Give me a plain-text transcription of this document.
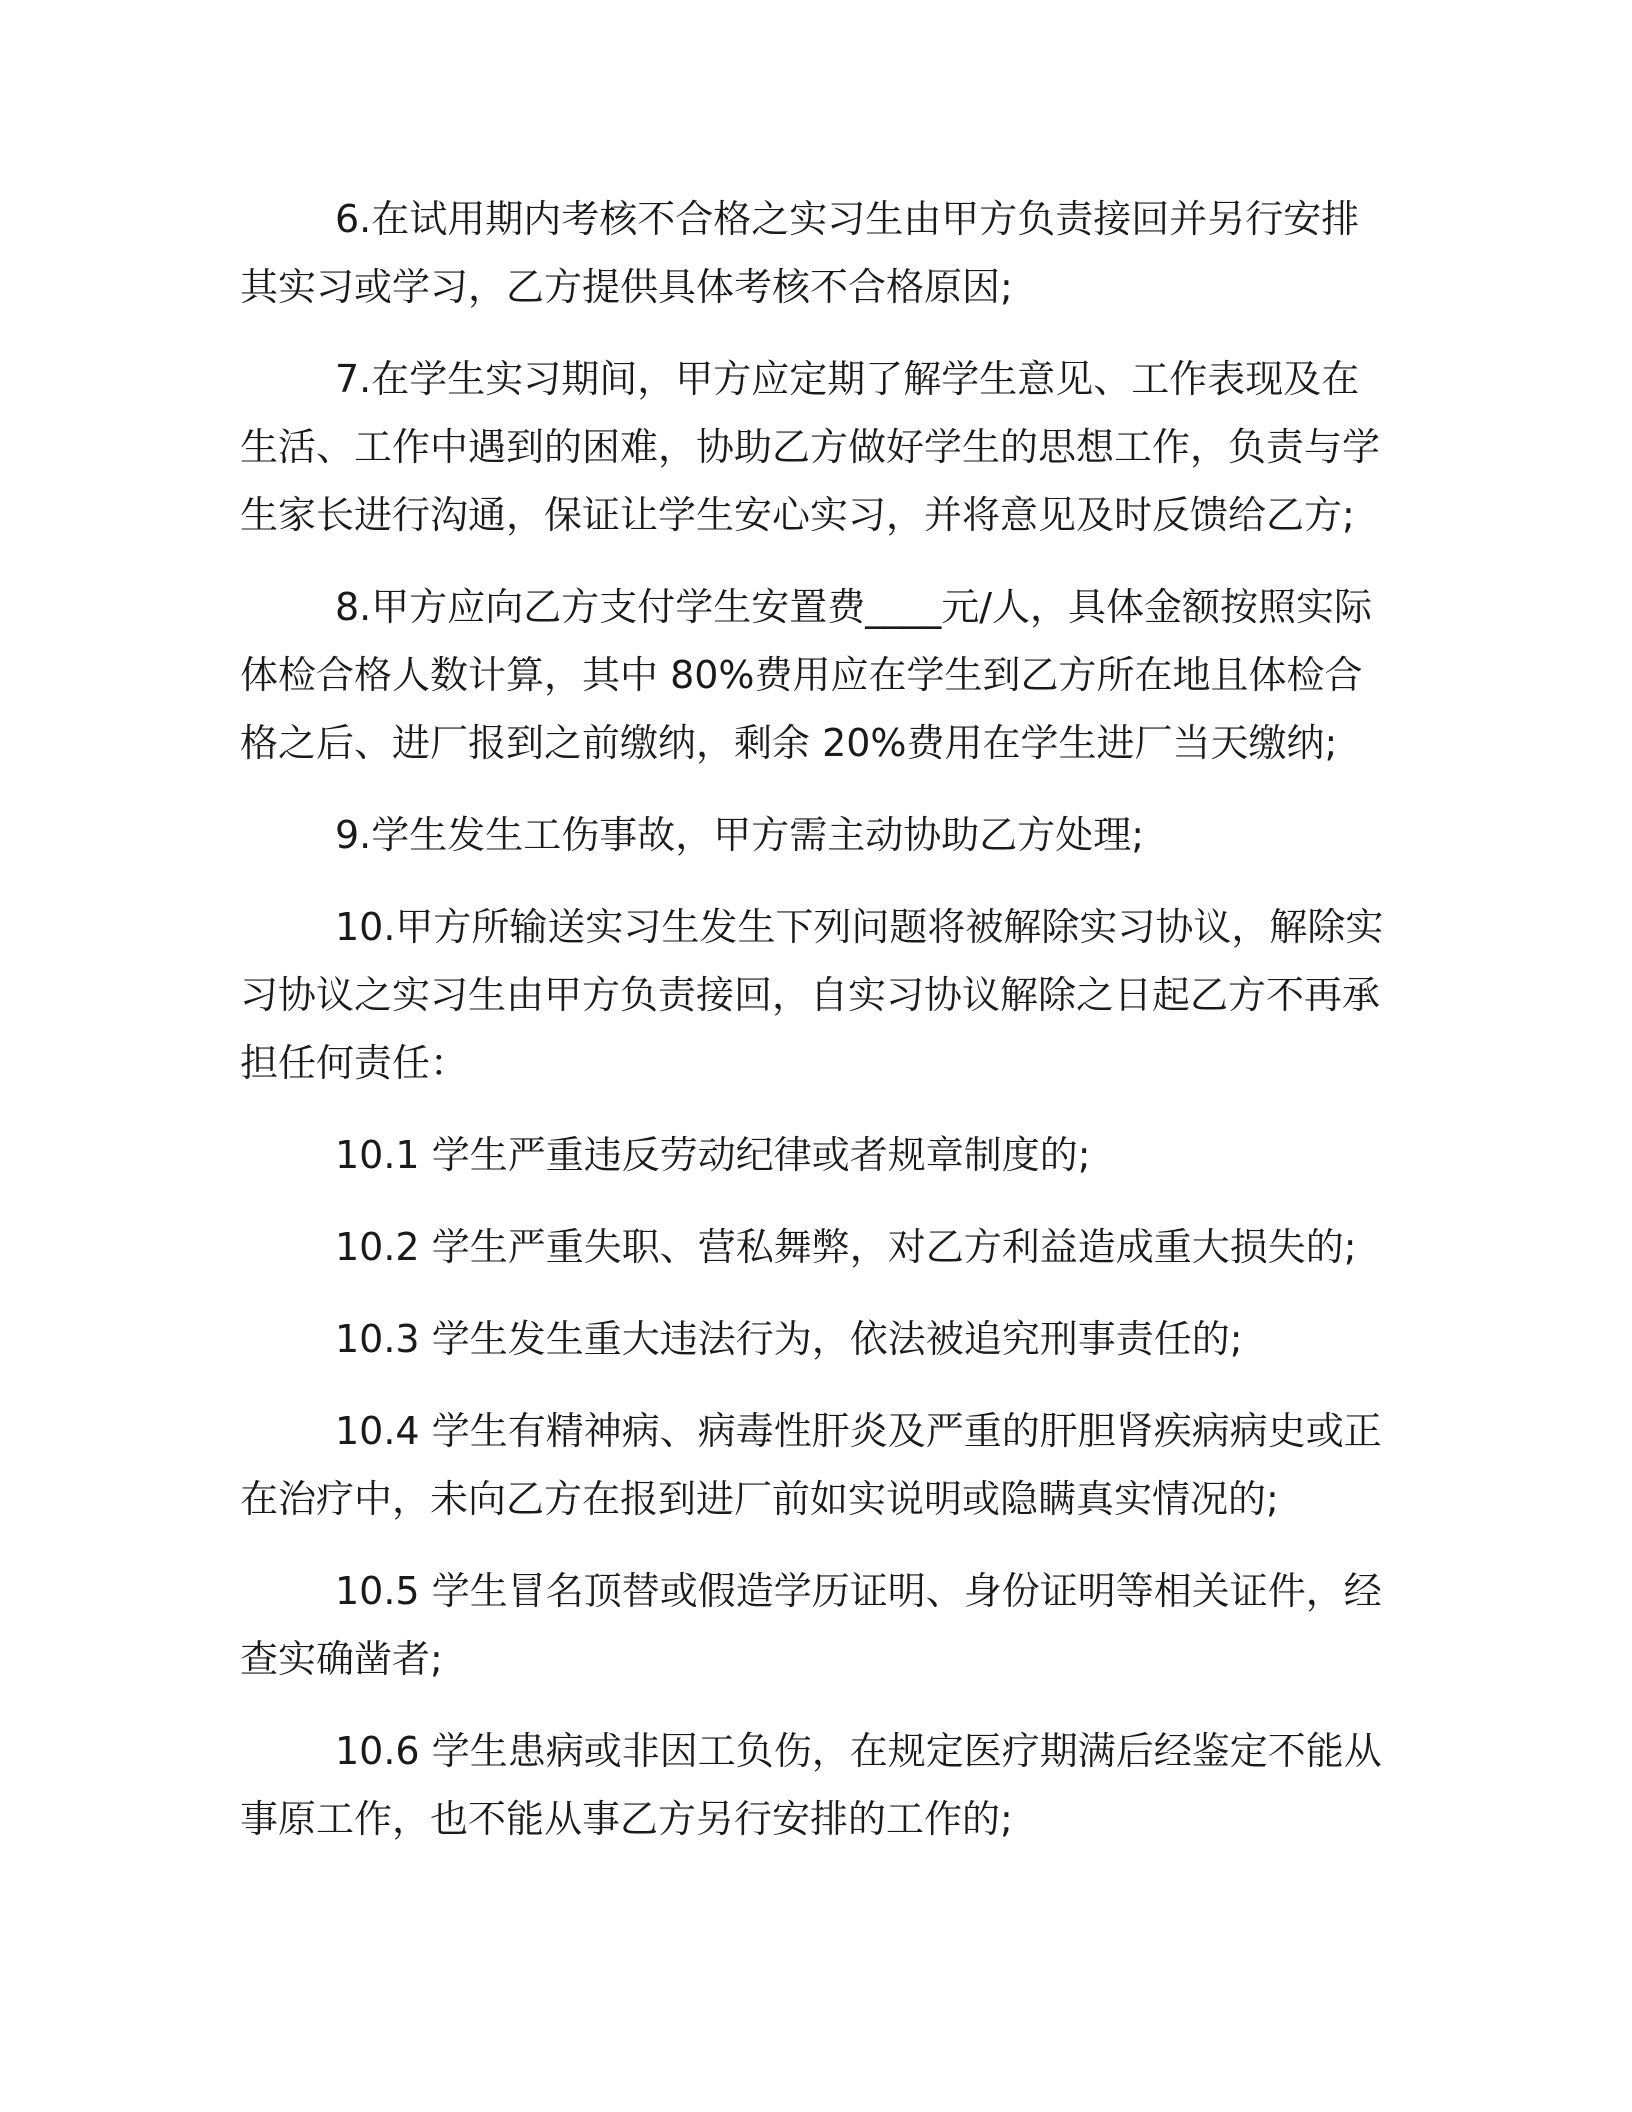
6.在试用期内考核不合格之实习生由甲方负责接回并另行安排其实习或学习，乙方提供具体考核不合格原因;

7.在学生实习期间，甲方应定期了解学生意见、工作表现及在生活、工作中遇到的困难，协助乙方做好学生的思想工作，负责与学生家长进行沟通，保证让学生安心实习，并将意见及时反馈给乙方;

8.甲方应向乙方支付学生安置费____元/人，具体金额按照实际体检合格人数计算，其中 80%费用应在学生到乙方所在地且体检合格之后、进厂报到之前缴纳，剩余 20%费用在学生进厂当天缴纳;

9.学生发生工伤事故，甲方需主动协助乙方处理;

10.甲方所输送实习生发生下列问题将被解除实习协议，解除实习协议之实习生由甲方负责接回，自实习协议解除之日起乙方不再承担任何责任：

10.1 学生严重违反劳动纪律或者规章制度的;

10.2 学生严重失职、营私舞弊，对乙方利益造成重大损失的;

10.3 学生发生重大违法行为，依法被追究刑事责任的;

10.4 学生有精神病、病毒性肝炎及严重的肝胆肾疾病病史或正在治疗中，未向乙方在报到进厂前如实说明或隐瞒真实情况的;

10.5 学生冒名顶替或假造学历证明、身份证明等相关证件，经查实确凿者;

10.6 学生患病或非因工负伤，在规定医疗期满后经鉴定不能从事原工作，也不能从事乙方另行安排的工作的;
